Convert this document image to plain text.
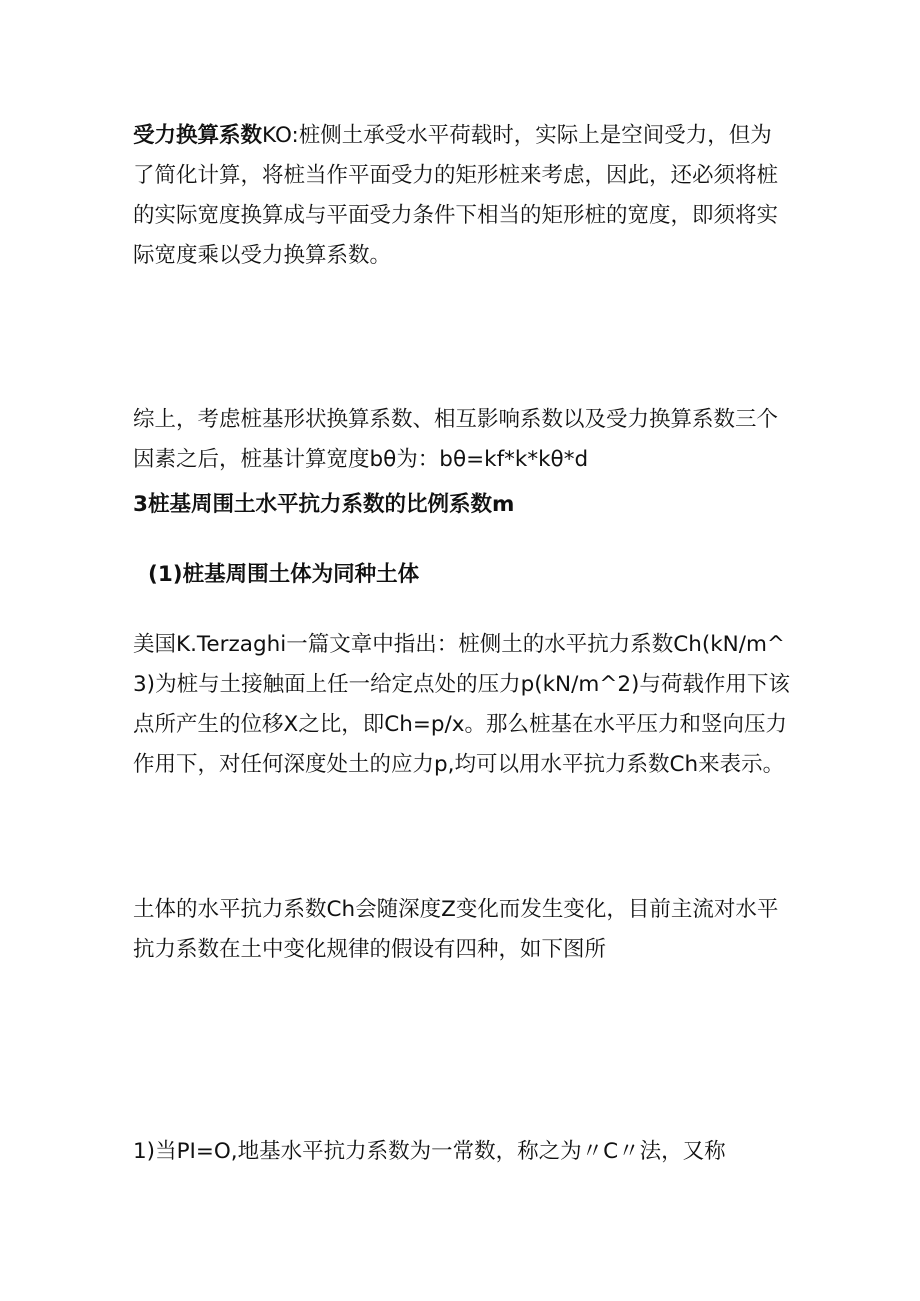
受力换算系数KO:桩侧土承受水平荷载时，实际上是空间受力，但为了简化计算，将桩当作平面受力的矩形桩来考虑，因此，还必须将桩的实际宽度换算成与平面受力条件下相当的矩形桩的宽度，即须将实际宽度乘以受力换算系数。

综上，考虑桩基形状换算系数、相互影响系数以及受力换算系数三个因素之后，桩基计算宽度bθ为：bθ=kf*k*kθ*d

3桩基周围土水平抗力系数的比例系数m

(1)桩基周围土体为同种土体

美国K.Terzaghi一篇文章中指出：桩侧土的水平抗力系数Ch(kN/m^3)为桩与土接触面上任一给定点处的压力p(kN/m^2)与荷载作用下该点所产生的位移X之比，即Ch=p/x。那么桩基在水平压力和竖向压力作用下，对任何深度处土的应力p,均可以用水平抗力系数Ch来表示。

土体的水平抗力系数Ch会随深度Z变化而发生变化，目前主流对水平抗力系数在土中变化规律的假设有四种，如下图所

1)当PI=O,地基水平抗力系数为一常数，称之为〃C〃法，又称
